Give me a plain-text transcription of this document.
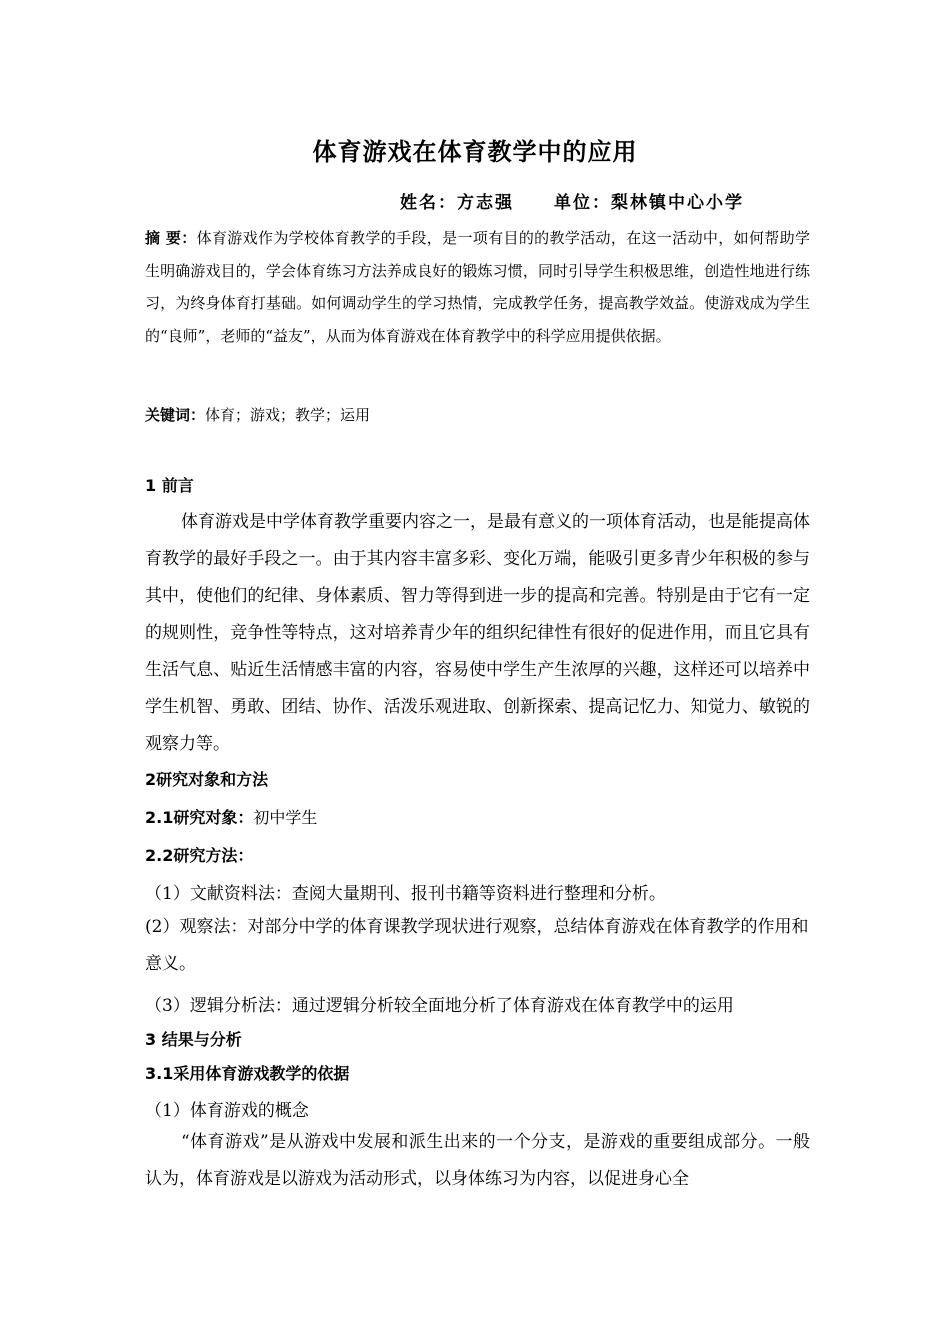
体育游戏在体育教学中的应用
姓名：方志强 单位：梨林镇中心小学
摘 要：体育游戏作为学校体育教学的手段，是一项有目的的教学活动，在这一活动中，如何帮助学生明确游戏目的，学会体育练习方法养成良好的锻炼习惯，同时引导学生积极思维，创造性地进行练习，为终身体育打基础。如何调动学生的学习热情，完成教学任务，提高教学效益。使游戏成为学生的“良师”，老师的“益友”，从而为体育游戏在体育教学中的科学应用提供依据。
关键词：体育；游戏；教学；运用
1 前言
体育游戏是中学体育教学重要内容之一，是最有意义的一项体育活动，也是能提高体育教学的最好手段之一。由于其内容丰富多彩、变化万端，能吸引更多青少年积极的参与其中，使他们的纪律、身体素质、智力等得到进一步的提高和完善。特别是由于它有一定的规则性，竞争性等特点，这对培养青少年的组织纪律性有很好的促进作用，而且它具有生活气息、贴近生活情感丰富的内容，容易使中学生产生浓厚的兴趣，这样还可以培养中学生机智、勇敢、团结、协作、活泼乐观进取、创新探索、提高记忆力、知觉力、敏锐的观察力等。
2研究对象和方法
2.1研究对象：初中学生
2.2研究方法：
（1）文献资料法：查阅大量期刊、报刊书籍等资料进行整理和分析。
(2）观察法：对部分中学的体育课教学现状进行观察，总结体育游戏在体育教学的作用和意义。
（3）逻辑分析法：通过逻辑分析较全面地分析了体育游戏在体育教学中的运用
3 结果与分析
3.1采用体育游戏教学的依据
（1）体育游戏的概念
“体育游戏”是从游戏中发展和派生出来的一个分支，是游戏的重要组成部分。一般认为，体育游戏是以游戏为活动形式，以身体练习为内容，以促进身心全
